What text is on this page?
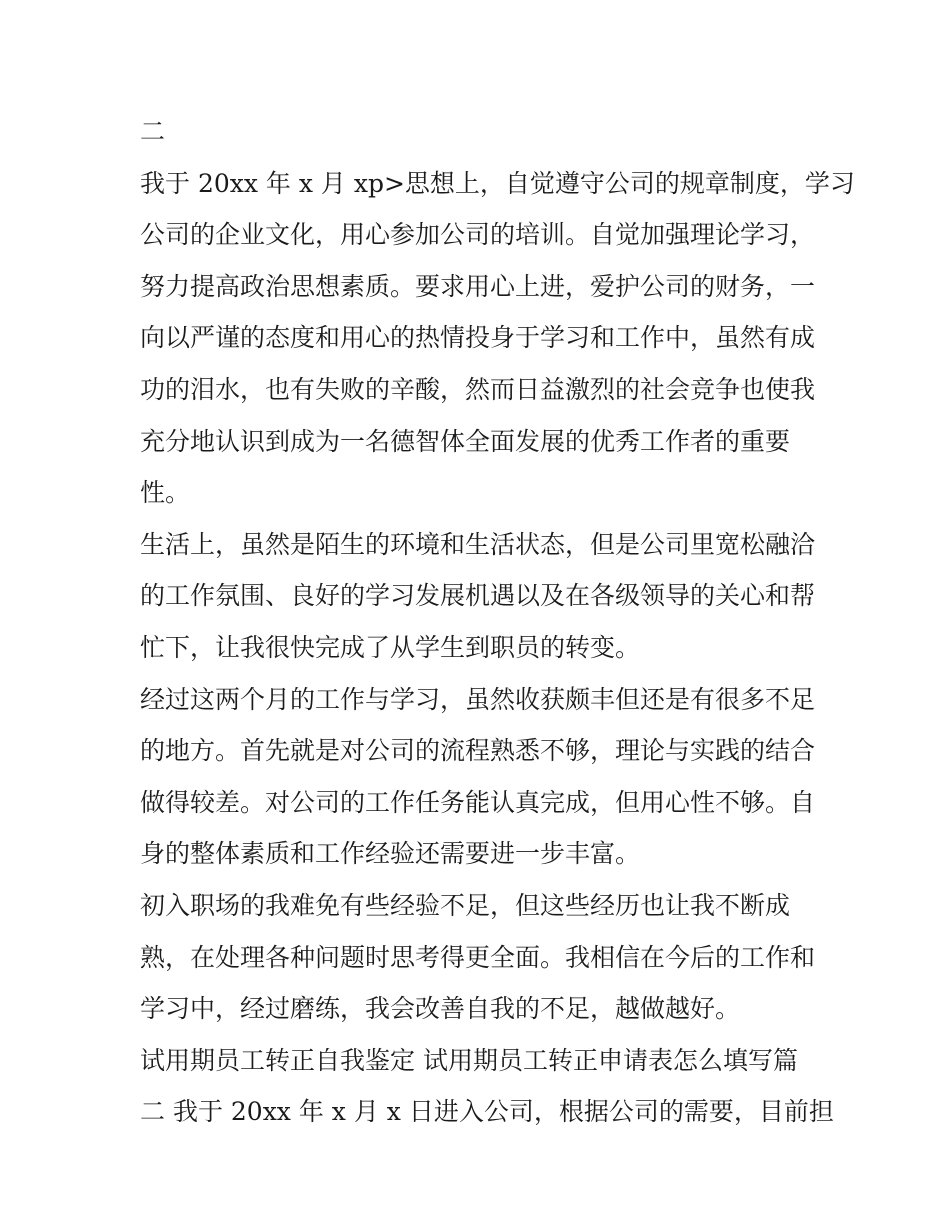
二
我于 20xx 年 x 月 xp>思想上，自觉遵守公司的规章制度，学习
公司的企业文化，用心参加公司的培训。自觉加强理论学习，
努力提高政治思想素质。要求用心上进，爱护公司的财务，一
向以严谨的态度和用心的热情投身于学习和工作中，虽然有成
功的泪水，也有失败的辛酸，然而日益激烈的社会竞争也使我
充分地认识到成为一名德智体全面发展的优秀工作者的重要
性。
生活上，虽然是陌生的环境和生活状态，但是公司里宽松融洽
的工作氛围、良好的学习发展机遇以及在各级领导的关心和帮
忙下，让我很快完成了从学生到职员的转变。
经过这两个月的工作与学习，虽然收获颇丰但还是有很多不足
的地方。首先就是对公司的流程熟悉不够，理论与实践的结合
做得较差。对公司的工作任务能认真完成，但用心性不够。自
身的整体素质和工作经验还需要进一步丰富。
初入职场的我难免有些经验不足，但这些经历也让我不断成
熟，在处理各种问题时思考得更全面。我相信在今后的工作和
学习中，经过磨练，我会改善自我的不足，越做越好。
试用期员工转正自我鉴定 试用期员工转正申请表怎么填写篇
二 我于 20xx 年 x 月 x 日进入公司，根据公司的需要，目前担
